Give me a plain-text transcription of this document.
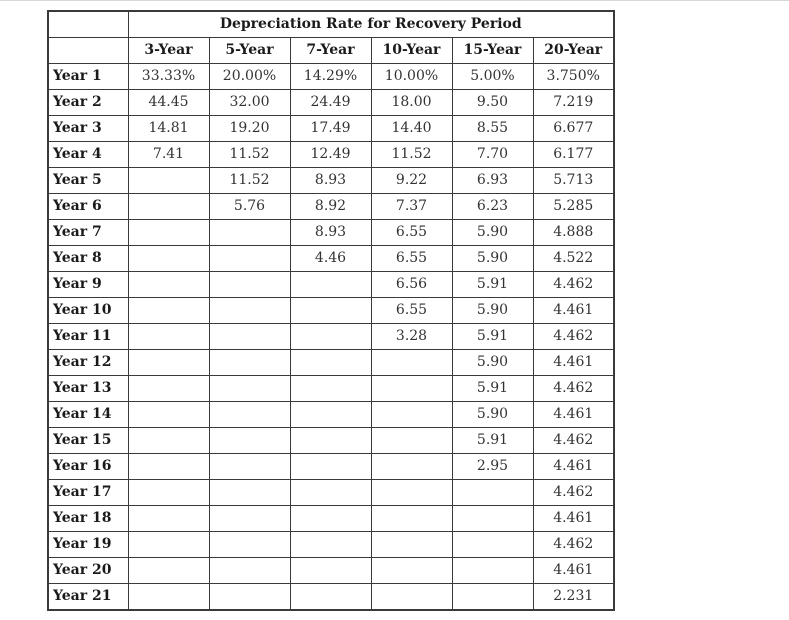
	Depreciation Rate for Recovery Period					
	3-Year	5-Year	7-Year	10-Year	15-Year	20-Year
Year 1	33.33%	20.00%	14.29%	10.00%	5.00%	3.750%
Year 2	44.45	32.00	24.49	18.00	9.50	7.219
Year 3	14.81	19.20	17.49	14.40	8.55	6.677
Year 4	7.41	11.52	12.49	11.52	7.70	6.177
Year 5		11.52	8.93	9.22	6.93	5.713
Year 6		5.76	8.92	7.37	6.23	5.285
Year 7			8.93	6.55	5.90	4.888
Year 8			4.46	6.55	5.90	4.522
Year 9				6.56	5.91	4.462
Year 10				6.55	5.90	4.461
Year 11				3.28	5.91	4.462
Year 12					5.90	4.461
Year 13					5.91	4.462
Year 14					5.90	4.461
Year 15					5.91	4.462
Year 16					2.95	4.461
Year 17						4.462
Year 18						4.461
Year 19						4.462
Year 20						4.461
Year 21						2.231
